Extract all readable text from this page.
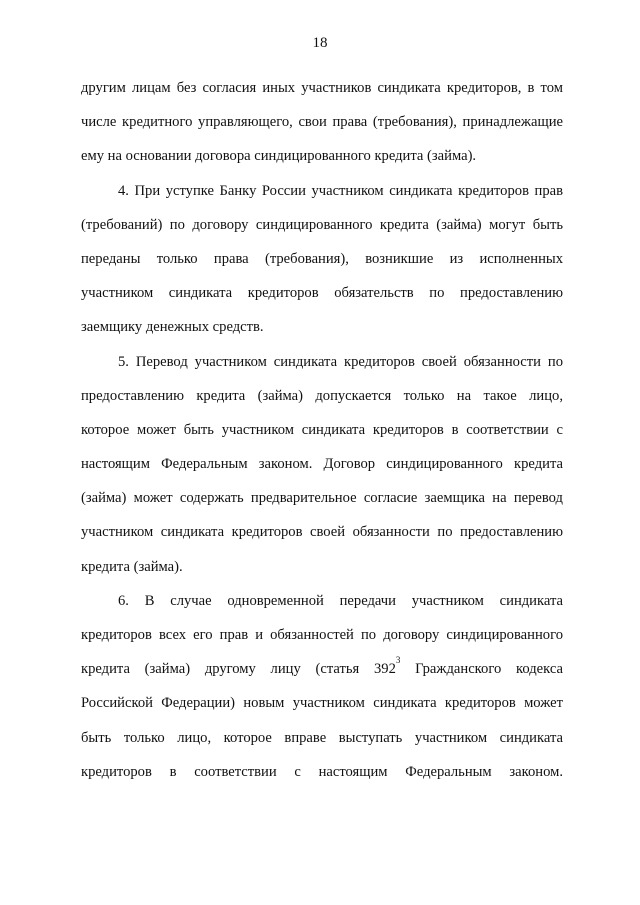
18
другим лицам без согласия иных участников синдиката кредиторов, в том
числе кредитного управляющего, свои права (требования), принадлежащие
ему на основании договора синдицированного кредита (займа).
4. При уступке Банку России участником синдиката кредиторов прав
(требований) по договору синдицированного кредита (займа) могут быть
переданы только права (требования), возникшие из исполненных
участником синдиката кредиторов обязательств по предоставлению
заемщику денежных средств.
5. Перевод участником синдиката кредиторов своей обязанности по
предоставлению кредита (займа) допускается только на такое лицо,
которое может быть участником синдиката кредиторов в соответствии с
настоящим Федеральным законом. Договор синдицированного кредита
(займа) может содержать предварительное согласие заемщика на перевод
участником синдиката кредиторов своей обязанности по предоставлению
кредита (займа).
6. В случае одновременной передачи участником синдиката
кредиторов всех его прав и обязанностей по договору синдицированного
кредита (займа) другому лицу (статья $392^3$ Гражданского кодекса
Российской Федерации) новым участником синдиката кредиторов может
быть только лицо, которое вправе выступать участником синдиката
кредиторов в соответствии с настоящим Федеральным законом.
